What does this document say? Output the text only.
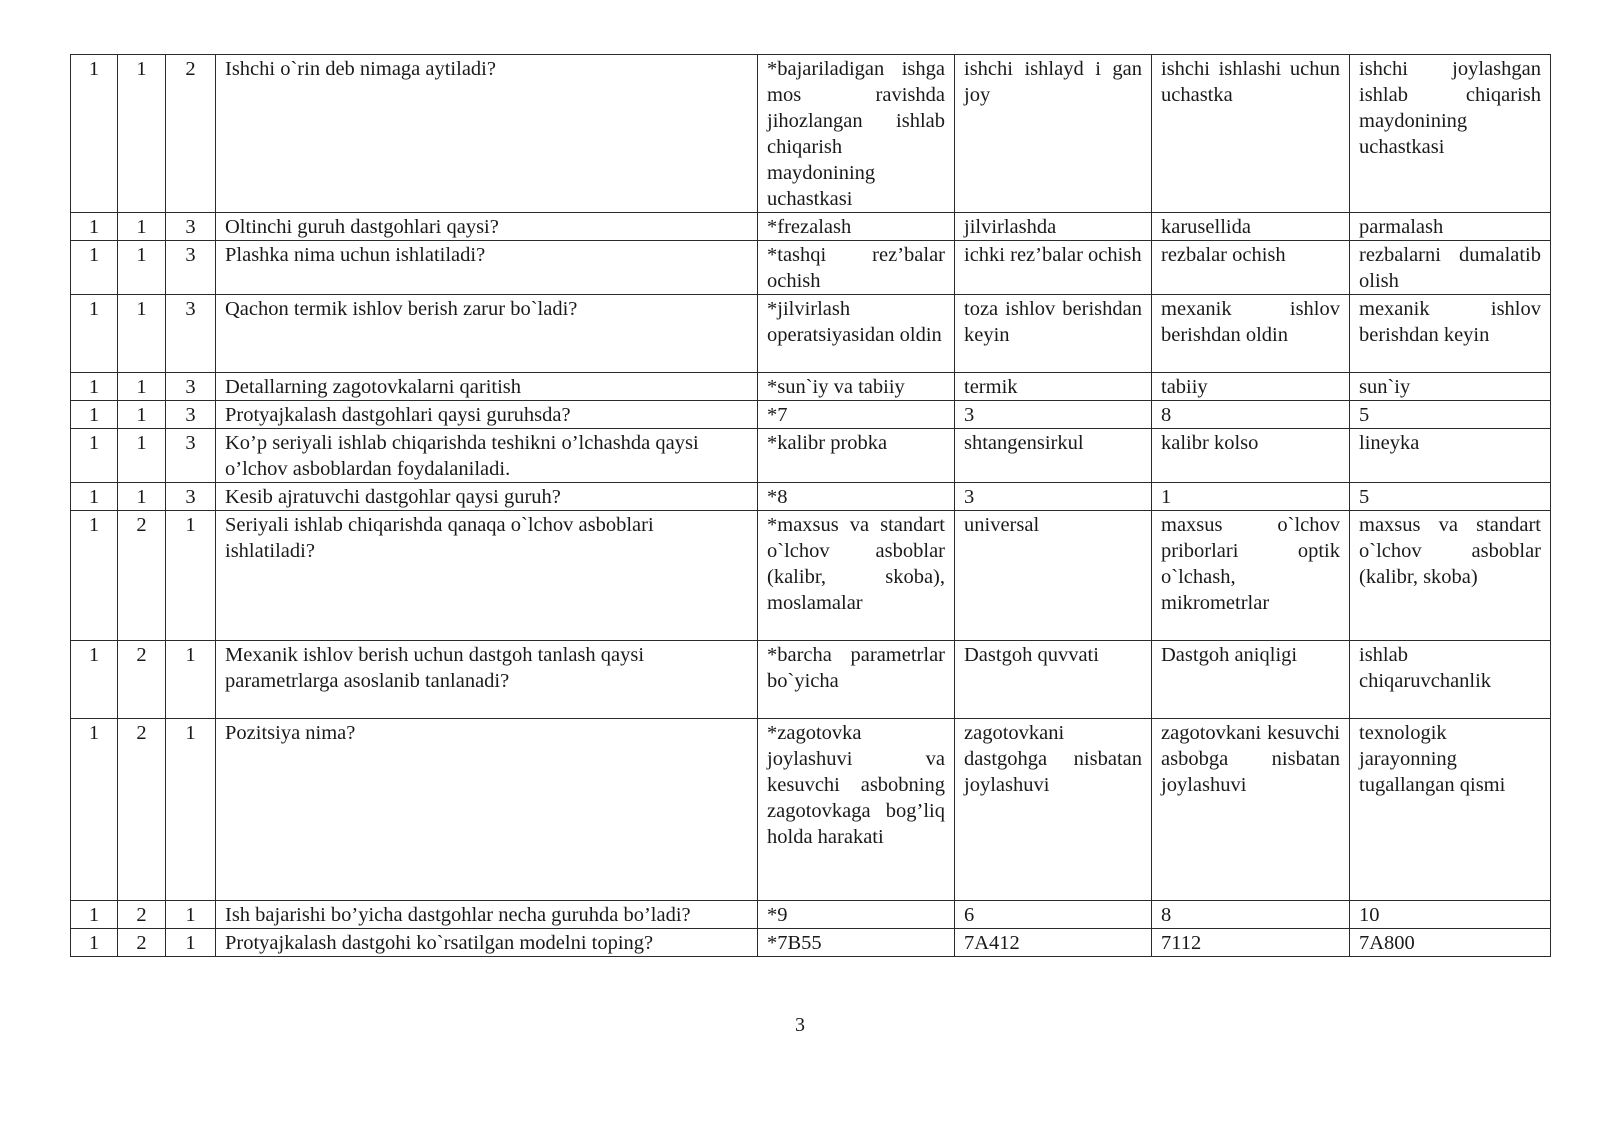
1	1	2	Ishchi o`rin deb nimaga aytiladi?	*bajariladigan ishga mos ravishda jihozlangan ishlab chiqarish maydonining uchastkasi	ishchi ishlayd i gan joy	ishchi ishlashi uchun uchastka	ishchi joylashgan ishlab chiqarish maydonining uchastkasi
1	1	3	Oltinchi guruh dastgohlari qaysi?	*frezalash	jilvirlashda	karusellida	parmalash
1	1	3	Plashka nima uchun ishlatiladi?	*tashqi rez’balar ochish	ichki rez’balar ochish	rezbalar ochish	rezbalarni dumalatib olish
1	1	3	Qachon termik ishlov berish zarur bo`ladi?	*jilvirlash operatsiyasidan oldin	toza ishlov berishdan keyin	mexanik ishlov berishdan oldin	mexanik ishlov berishdan keyin
1	1	3	Detallarning zagotovkalarni qaritish	*sun`iy va tabiiy	termik	tabiiy	sun`iy
1	1	3	Protyajkalash dastgohlari qaysi guruhsda?	*7	3	8	5
1	1	3	Ko’p seriyali ishlab chiqarishda teshikni o’lchashda qaysi o’lchov asboblardan foydalaniladi.	*kalibr probka	shtangensirkul	kalibr kolso	lineyka
1	1	3	Kesib ajratuvchi dastgohlar qaysi guruh?	*8	3	1	5
1	2	1	Seriyali ishlab chiqarishda qanaqa o`lchov asboblari ishlatiladi?	*maxsus va standart o`lchov asboblar (kalibr, skoba), moslamalar	universal	maxsus o`lchov priborlari optik o`lchash, mikrometrlar	maxsus va standart o`lchov asboblar (kalibr, skoba)
1	2	1	Mexanik ishlov berish uchun dastgoh tanlash qaysi parametrlarga asoslanib tanlanadi?	*barcha parametrlar bo`yicha	Dastgoh quvvati	Dastgoh aniqligi	ishlab chiqaruvchanlik
1	2	1	Pozitsiya nima?	*zagotovka joylashuvi va kesuvchi asbobning zagotovkaga bog’liq holda harakati	zagotovkani dastgohga nisbatan joylashuvi	zagotovkani kesuvchi asbobga nisbatan joylashuvi	texnologik jarayonning tugallangan qismi
1	2	1	Ish bajarishi bo’yicha dastgohlar necha guruhda bo’ladi?	*9	6	8	10
1	2	1	Protyajkalash dastgohi ko`rsatilgan modelni toping?	*7B55	7A412	7112	7A800
3
